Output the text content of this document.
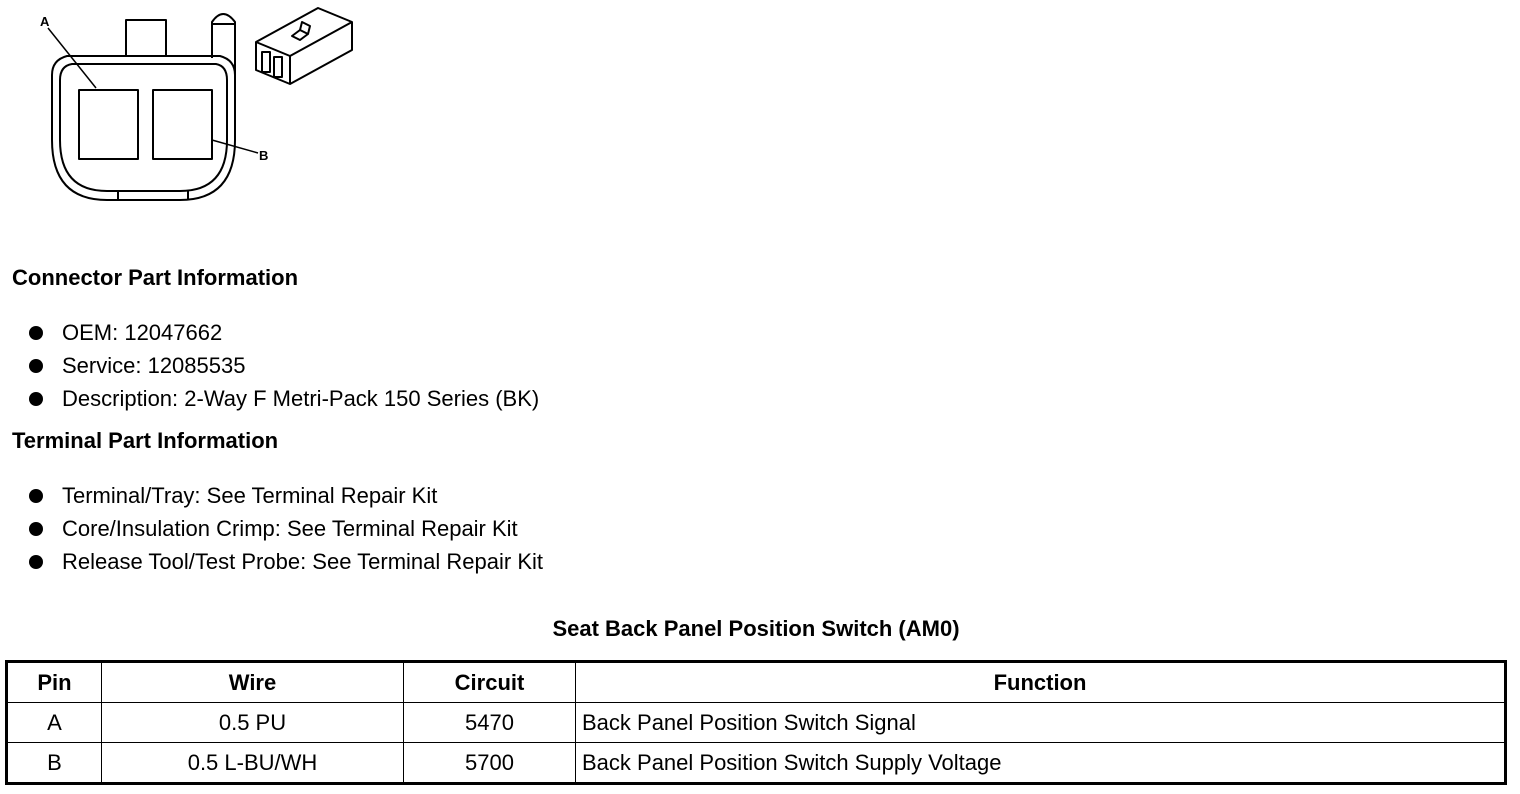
A
B
Connector Part Information
OEM: 12047662
Service: 12085535
Description: 2-Way F Metri-Pack 150 Series (BK)
Terminal Part Information
Terminal/Tray: See Terminal Repair Kit
Core/Insulation Crimp: See Terminal Repair Kit
Release Tool/Test Probe: See Terminal Repair Kit
Seat Back Panel Position Switch (AM0)
Pin	Wire	Circuit	Function
A	0.5 PU	5470	Back Panel Position Switch Signal
B	0.5 L-BU/WH	5700	Back Panel Position Switch Supply Voltage
